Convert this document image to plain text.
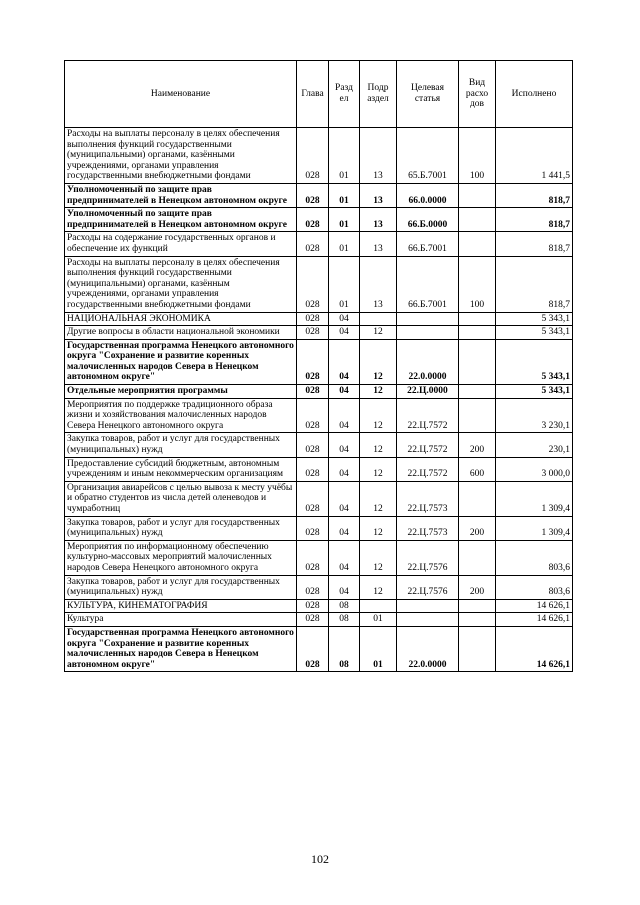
Наименование	Глава	Разд ел	Подр аздел	Целевая статья	Вид расхо дов	Исполнено
Расходы на выплаты персоналу в целях обеспечения выполнения функций государственными (муниципальными) органами, казёнными учреждениями, органами управления государственными внебюджетными фондами	028	01	13	65.Б.7001	100	1 441,5
Уполномоченный по защите прав предпринимателей в Ненецком автономном округе	028	01	13	66.0.0000		818,7
Уполномоченный по защите прав предпринимателей в Ненецком автономном округе	028	01	13	66.Б.0000		818,7
Расходы на содержание государственных органов и обеспечение их функций	028	01	13	66.Б.7001		818,7
Расходы на выплаты персоналу в целях обеспечения выполнения функций государственными (муниципальными) органами, казённым учреждениями, органами управления государственными внебюджетными фондами	028	01	13	66.Б.7001	100	818,7
НАЦИОНАЛЬНАЯ ЭКОНОМИКА	028	04				5 343,1
Другие вопросы в области национальной экономики	028	04	12			5 343,1
Государственная программа Ненецкого автономного округа "Сохранение и развитие коренных малочисленных народов Севера в Ненецком автономном округе"	028	04	12	22.0.0000		5 343,1
Отдельные мероприятия программы	028	04	12	22.Ц.0000		5 343,1
Мероприятия по поддержке традиционного образа жизни и хозяйствования малочисленных народов Севера Ненецкого автономного округа	028	04	12	22.Ц.7572		3 230,1
Закупка товаров, работ и услуг для государственных (муниципальных) нужд	028	04	12	22.Ц.7572	200	230,1
Предоставление субсидий бюджетным, автономным учреждениям и иным некоммерческим организациям	028	04	12	22.Ц.7572	600	3 000,0
Организация авиарейсов с целью вывоза к месту учёбы и обратно студентов из числа детей оленеводов и чумработниц	028	04	12	22.Ц.7573		1 309,4
Закупка товаров, работ и услуг для государственных (муниципальных) нужд	028	04	12	22.Ц.7573	200	1 309,4
Мероприятия по информационному обеспечению культурно-массовых мероприятий малочисленных народов Севера Ненецкого автономного округа	028	04	12	22.Ц.7576		803,6
Закупка товаров, работ и услуг для государственных (муниципальных) нужд	028	04	12	22.Ц.7576	200	803,6
КУЛЬТУРА, КИНЕМАТОГРАФИЯ	028	08				14 626,1
Культура	028	08	01			14 626,1
Государственная программа Ненецкого автономного округа "Сохранение и развитие коренных малочисленных народов Севера в Ненецком автономном округе"	028	08	01	22.0.0000		14 626,1
102
